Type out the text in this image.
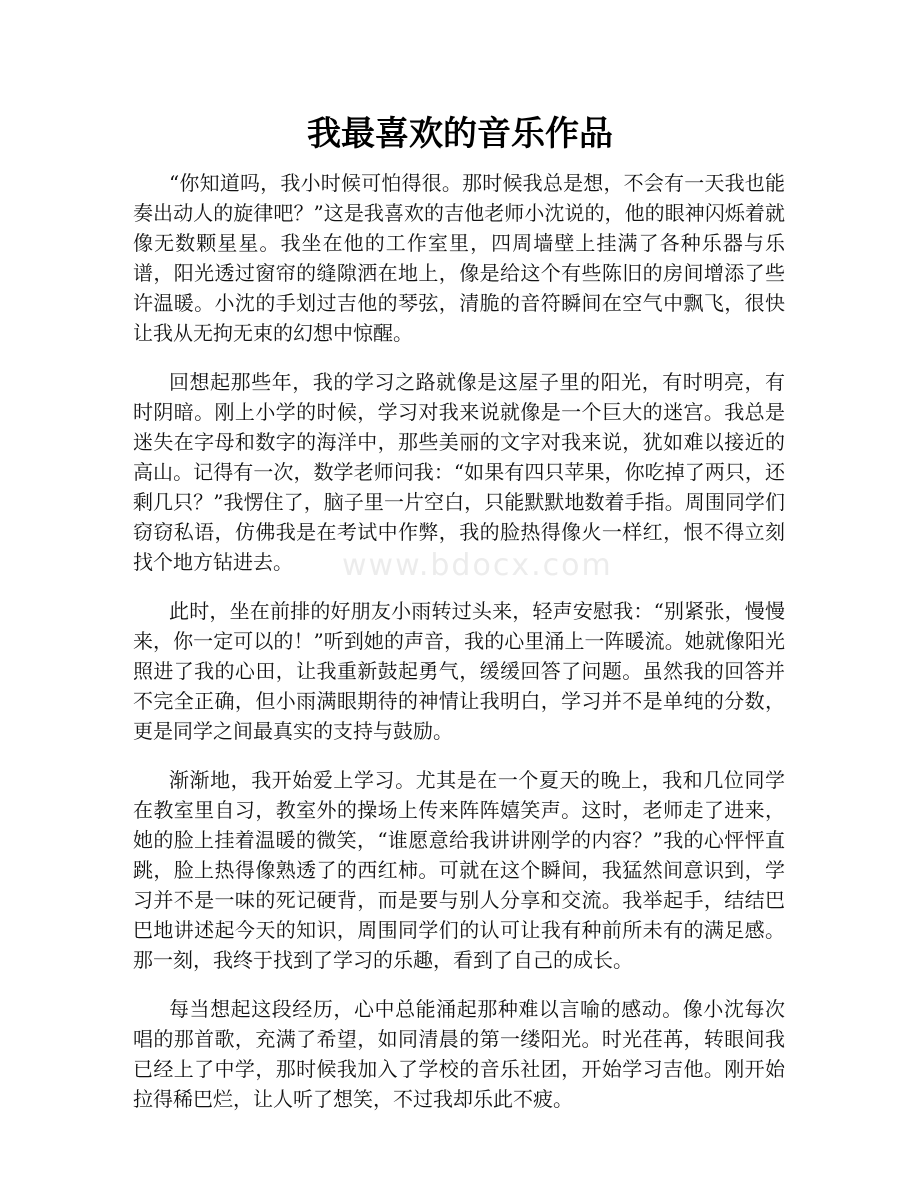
我最喜欢的音乐作品

“你知道吗，我小时候可怕得很。那时候我总是想，不会有一天我也能奏出动人的旋律吧？”这是我喜欢的吉他老师小沈说的，他的眼神闪烁着就像无数颗星星。我坐在他的工作室里，四周墙壁上挂满了各种乐器与乐谱，阳光透过窗帘的缝隙洒在地上，像是给这个有些陈旧的房间增添了些许温暖。小沈的手划过吉他的琴弦，清脆的音符瞬间在空气中飘飞，很快让我从无拘无束的幻想中惊醒。

回想起那些年，我的学习之路就像是这屋子里的阳光，有时明亮，有时阴暗。刚上小学的时候，学习对我来说就像是一个巨大的迷宫。我总是迷失在字母和数字的海洋中，那些美丽的文字对我来说，犹如难以接近的高山。记得有一次，数学老师问我：“如果有四只苹果，你吃掉了两只，还剩几只？”我愣住了，脑子里一片空白，只能默默地数着手指。周围同学们窃窃私语，仿佛我是在考试中作弊，我的脸热得像火一样红，恨不得立刻找个地方钻进去。

此时，坐在前排的好朋友小雨转过头来，轻声安慰我：“别紧张，慢慢来，你一定可以的！”听到她的声音，我的心里涌上一阵暖流。她就像阳光照进了我的心田，让我重新鼓起勇气，缓缓回答了问题。虽然我的回答并不完全正确，但小雨满眼期待的神情让我明白，学习并不是单纯的分数，更是同学之间最真实的支持与鼓励。

渐渐地，我开始爱上学习。尤其是在一个夏天的晚上，我和几位同学在教室里自习，教室外的操场上传来阵阵嬉笑声。这时，老师走了进来，她的脸上挂着温暖的微笑，“谁愿意给我讲讲刚学的内容？”我的心怦怦直跳，脸上热得像熟透了的西红柿。可就在这个瞬间，我猛然间意识到，学习并不是一味的死记硬背，而是要与别人分享和交流。我举起手，结结巴巴地讲述起今天的知识，周围同学们的认可让我有种前所未有的满足感。那一刻，我终于找到了学习的乐趣，看到了自己的成长。

每当想起这段经历，心中总能涌起那种难以言喻的感动。像小沈每次唱的那首歌，充满了希望，如同清晨的第一缕阳光。时光荏苒，转眼间我已经上了中学，那时候我加入了学校的音乐社团，开始学习吉他。刚开始拉得稀巴烂，让人听了想笑，不过我却乐此不疲。

www.bdocx.com
